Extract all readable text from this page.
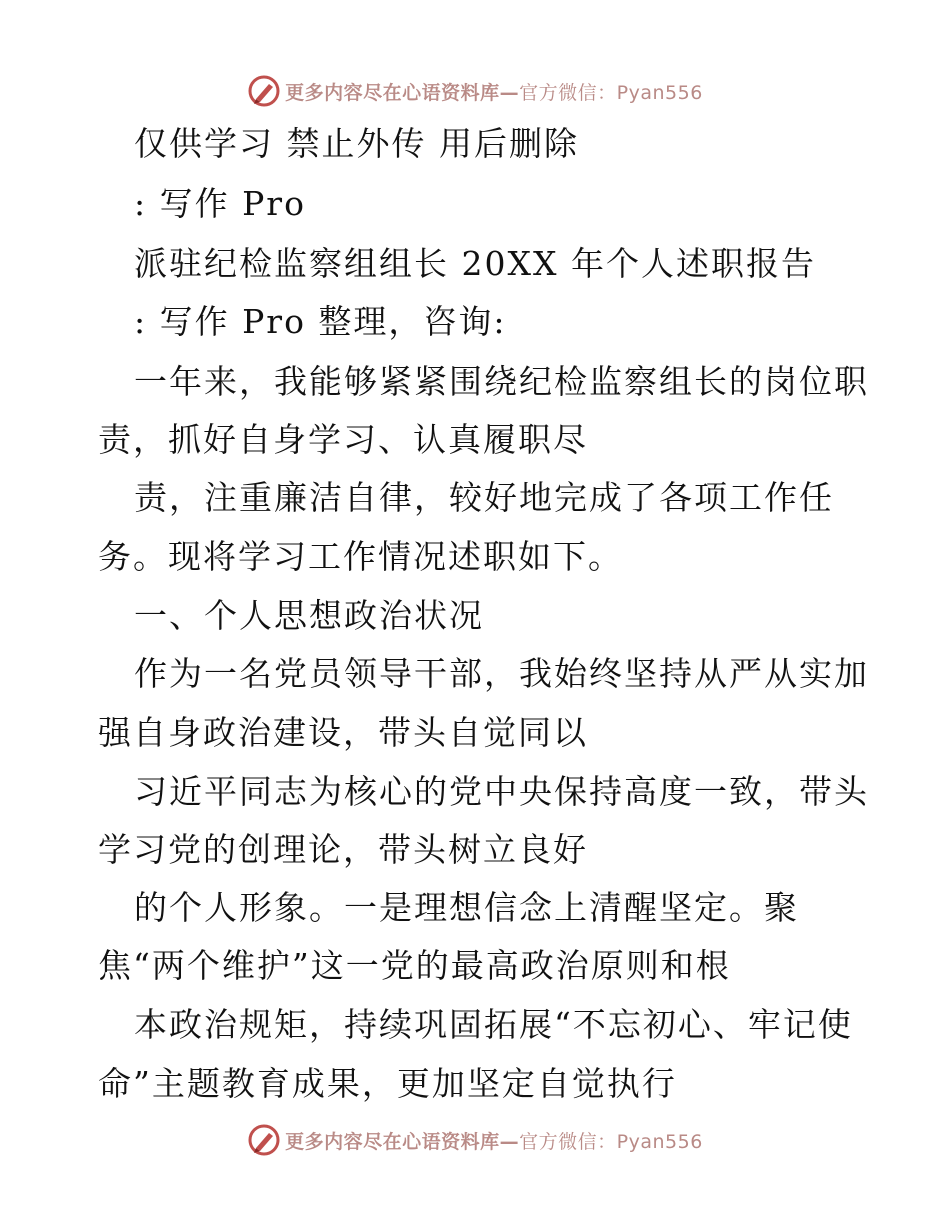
更多内容尽在心语资料库—官方微信：Pyan556
仅供学习 禁止外传 用后删除
: 写作 Pro
派驻纪检监察组组长 20XX 年个人述职报告
: 写作 Pro 整理，咨询:
一年来，我能够紧紧围绕纪检监察组长的岗位职
责，抓好自身学习、认真履职尽
责，注重廉洁自律，较好地完成了各项工作任
务。现将学习工作情况述职如下。
一、个人思想政治状况
作为一名党员领导干部，我始终坚持从严从实加
强自身政治建设，带头自觉同以
习近平同志为核心的党中央保持高度一致，带头
学习党的创理论，带头树立良好
的个人形象。一是理想信念上清醒坚定。聚
焦“两个维护”这一党的最高政治原则和根
本政治规矩，持续巩固拓展“不忘初心、牢记使
命”主题教育成果，更加坚定自觉执行
更多内容尽在心语资料库—官方微信：Pyan556
